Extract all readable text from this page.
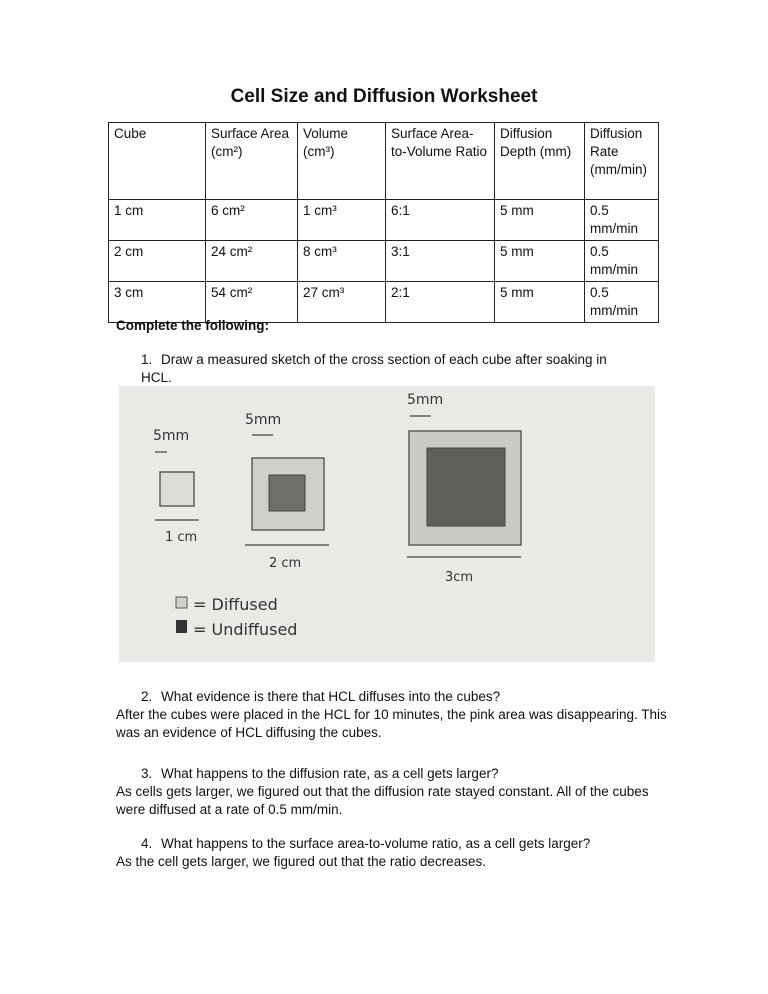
Cell Size and Diffusion Worksheet
Cube	Surface Area (cm²)	Volume (cm³)	Surface Area-to-Volume Ratio	Diffusion Depth (mm)	Diffusion Rate (mm/min)
1 cm	6 cm²	1 cm³	6:1	5 mm	0.5 mm/min
2 cm	24 cm²	8 cm³	3:1	5 mm	0.5 mm/min
3 cm	54 cm²	27 cm³	2:1	5 mm	0.5 mm/min
Complete the following:
1. Draw a measured sketch of the cross section of each cube after soaking in HCL.
5mm
1 cm
5mm
2 cm
5mm
3cm
= Diffused
= Undiffused
2. What evidence is there that HCL diffuses into the cubes?
After the cubes were placed in the HCL for 10 minutes, the pink area was disappearing. This was an evidence of HCL diffusing the cubes.
3. What happens to the diffusion rate, as a cell gets larger?
As cells gets larger, we figured out that the diffusion rate stayed constant. All of the cubes were diffused at a rate of 0.5 mm/min.
4. What happens to the surface area-to-volume ratio, as a cell gets larger?
As the cell gets larger, we figured out that the ratio decreases.
